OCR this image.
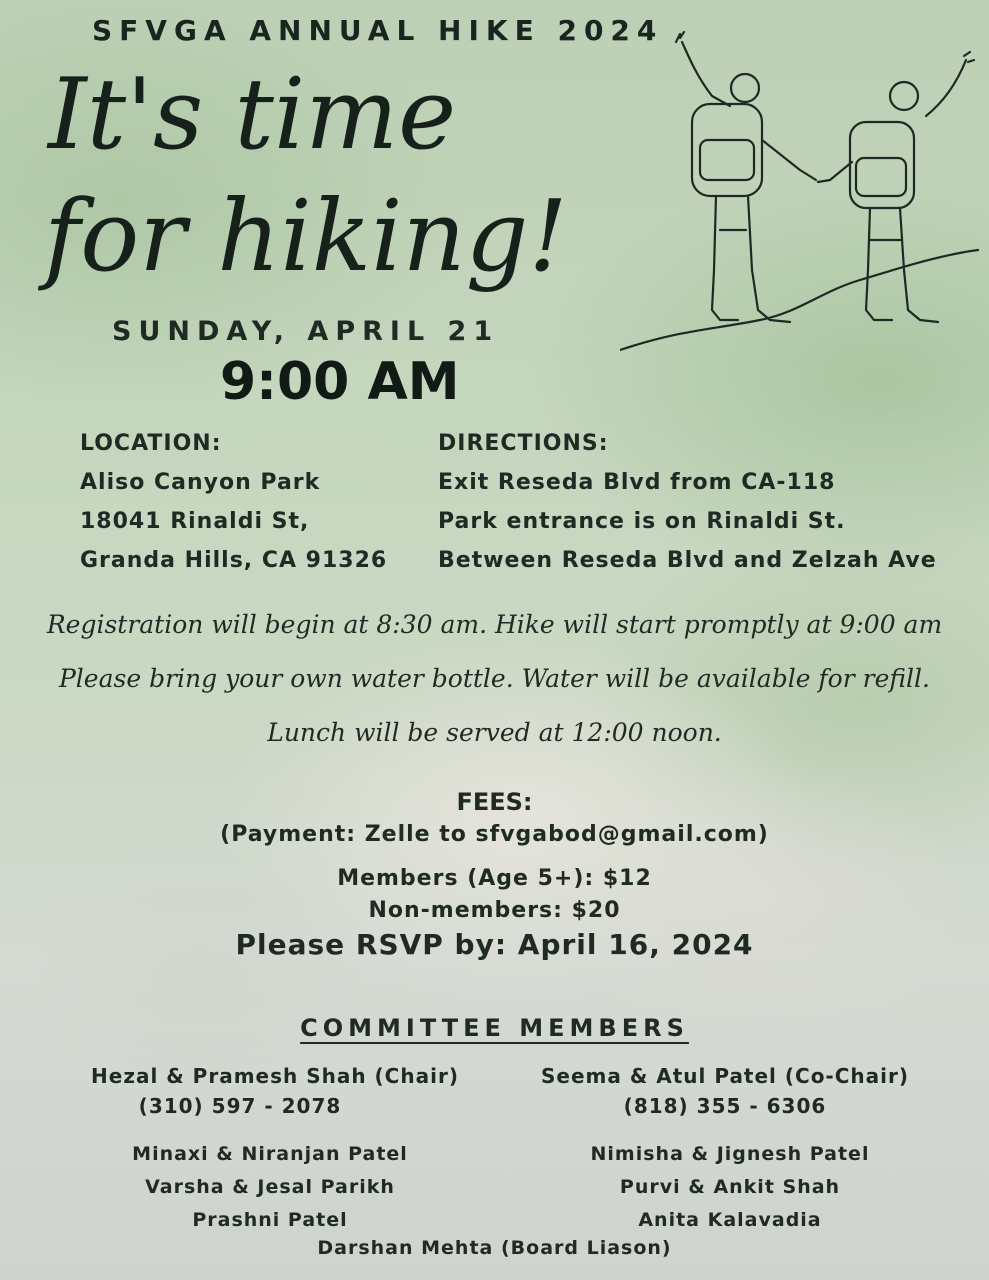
SFVGA ANNUAL HIKE 2024
It's time
for hiking!
SUNDAY, APRIL 21
9:00 AM
LOCATION:
Aliso Canyon Park
18041 Rinaldi St,
Granda Hills, CA 91326
DIRECTIONS:
Exit Reseda Blvd from CA-118
Park entrance is on Rinaldi St.
Between Reseda Blvd and Zelzah Ave
Registration will begin at 8:30 am. Hike will start promptly at 9:00 am
Please bring your own water bottle. Water will be available for refill.
Lunch will be served at 12:00 noon.
FEES:
(Payment: Zelle to sfvgabod@gmail.com)
Members (Age 5+): $12
Non-members: $20
Please RSVP by: April 16, 2024
COMMITTEE MEMBERS
Hezal & Pramesh Shah (Chair)
(310) 597 - 2078
Seema & Atul Patel (Co-Chair)
(818) 355 - 6306
Minaxi & Niranjan Patel
Varsha & Jesal Parikh
Prashni Patel
Nimisha & Jignesh Patel
Purvi & Ankit Shah
Anita Kalavadia
Darshan Mehta (Board Liason)
